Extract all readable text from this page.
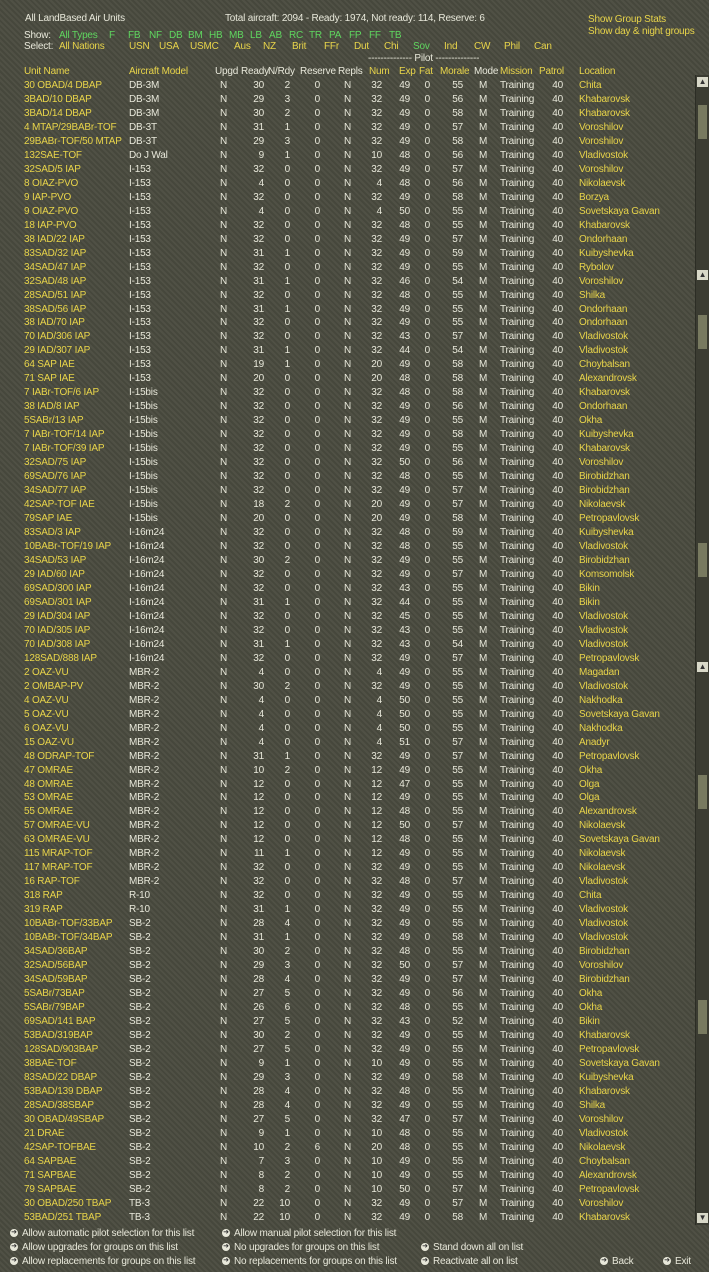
All LandBased Air Units	Total aircraft: 2094 - Ready: 1974, Not ready: 114, Reserve: 6	Show Group Stats
Show day & night groups
Show: All Types F FB NF DB BM HB MB LB AB RC TR PA FP FF TB
Select: All Nations USN USA USMC Aus NZ Brit FFr Dut Chi Sov Ind CW Phil Can
-------------- Pilot --------------
Unit Name	Aircraft Model	Upgd Ready N/Rdy Reserve Repls Num Exp Fat Morale Mode Mission Patrol Location
30 OBAD/4 DBAP	DB-3M	N	30	2	0 N	32	49	0	55 M Training	40 Chita
3BAD/10 DBAP	DB-3M	N	29	3	0 N	32	49	0	56 M Training	40 Khabarovsk
3BAD/14 DBAP	DB-3M	N	30	2	0 N	32	49	0	58 M Training	40 Khabarovsk
4 MTAP/29BABr-TOF DB-3T	N	31	1	0 N	32	49	0	57 M Training	40 Voroshilov
29BABr-TOF/50 MTAP DB-3T	N	29	3	0 N	32	49	0	58 M Training	40 Voroshilov
132SAE-TOF	Do J Wal	N	9	1	0 N	10	48	0	56 M Training	40 Vladivostok
32SAD/5 IAP	I-153	N	32	0	0 N	32	49	0	57 M Training	40 Voroshilov
8 OIAZ-PVO	I-153	N	4	0	0 N	4	48	0	56 M Training	40 Nikolaevsk
9 IAP-PVO	I-153	N	32	0	0 N	32	49	0	58 M Training	40 Borzya
9 OIAZ-PVO	I-153	N	4	0	0 N	4	50	0	55 M Training	40 Sovetskaya Gavan
18 IAP-PVO	I-153	N	32	0	0 N	32	48	0	55 M Training	40 Khabarovsk
38 IAD/22 IAP	I-153	N	32	0	0 N	32	49	0	57 M Training	40 Ondorhaan
83SAD/32 IAP	I-153	N	31	1	0 N	32	49	0	59 M Training	40 Kuibyshevka
34SAD/47 IAP	I-153	N	32	0	0 N	32	49	0	55 M Training	40 Rybolov
32SAD/48 IAP	I-153	N	31	1	0 N	32	46	0	54 M Training	40 Voroshilov
28SAD/51 IAP	I-153	N	32	0	0 N	32	48	0	55 M Training	40 Shilka
38SAD/56 IAP	I-153	N	31	1	0 N	32	49	0	55 M Training	40 Ondorhaan
38 IAD/70 IAP	I-153	N	32	0	0 N	32	49	0	55 M Training	40 Ondorhaan
70 IAD/306 IAP	I-153	N	32	0	0 N	32	43	0	57 M Training	40 Vladivostok
29 IAD/307 IAP	I-153	N	31	1	0 N	32	44	0	54 M Training	40 Vladivostok
64 SAP IAE	I-153	N	19	1	0 N	20	49	0	58 M Training	40 Choybalsan
71 SAP IAE	I-153	N	20	0	0 N	20	48	0	58 M Training	40 Alexandrovsk
7 IABr-TOF/6 IAP	I-15bis	N	32	0	0 N	32	48	0	58 M Training	40 Khabarovsk
38 IAD/8 IAP	I-15bis	N	32	0	0 N	32	49	0	56 M Training	40 Ondorhaan
5SABr/13 IAP	I-15bis	N	32	0	0 N	32	49	0	55 M Training	40 Okha
7 IABr-TOF/14 IAP I-15bis	N	32	0	0 N	32	49	0	58 M Training	40 Kuibyshevka
7 IABr-TOF/39 IAP I-15bis	N	32	0	0 N	32	49	0	55 M Training	40 Khabarovsk
32SAD/75 IAP	I-15bis	N	32	0	0 N	32	50	0	56 M Training	40 Voroshilov
69SAD/76 IAP	I-15bis	N	32	0	0 N	32	48	0	55 M Training	40 Birobidzhan
34SAD/77 IAP	I-15bis	N	32	0	0 N	32	49	0	57 M Training	40 Birobidzhan
42SAP-TOF IAE	I-15bis	N	18	2	0 N	20	49	0	57 M Training	40 Nikolaevsk
79SAP IAE	I-15bis	N	20	0	0 N	20	49	0	58 M Training	40 Petropavlovsk
83SAD/3 IAP	I-16m24	N	32	0	0 N	32	48	0	59 M Training	40 Kuibyshevka
10BABr-TOF/19 IAP I-16m24	N	32	0	0 N	32	48	0	55 M Training	40 Vladivostok
34SAD/53 IAP	I-16m24	N	30	2	0 N	32	49	0	55 M Training	40 Birobidzhan
29 IAD/60 IAP	I-16m24	N	32	0	0 N	32	49	0	57 M Training	40 Komsomolsk
69SAD/300 IAP	I-16m24	N	32	0	0 N	32	43	0	55 M Training	40 Bikin
69SAD/301 IAP	I-16m24	N	31	1	0 N	32	44	0	55 M Training	40 Bikin
29 IAD/304 IAP	I-16m24	N	32	0	0 N	32	45	0	55 M Training	40 Vladivostok
70 IAD/305 IAP	I-16m24	N	32	0	0 N	32	43	0	55 M Training	40 Vladivostok
70 IAD/308 IAP	I-16m24	N	31	1	0 N	32	43	0	54 M Training	40 Vladivostok
128SAD/888 IAP	I-16m24	N	32	0	0 N	32	49	0	57 M Training	40 Petropavlovsk
2 OAZ-VU	MBR-2	N	4	0	0 N	4	49	0	55 M Training	40 Magadan
2 OMBAP-PV	MBR-2	N	30	2	0 N	32	49	0	55 M Training	40 Vladivostok
4 OAZ-VU	MBR-2	N	4	0	0 N	4	50	0	55 M Training	40 Nakhodka
5 OAZ-VU	MBR-2	N	4	0	0 N	4	50	0	55 M Training	40 Sovetskaya Gavan
6 OAZ-VU	MBR-2	N	4	0	0 N	4	50	0	55 M Training	40 Nakhodka
15 OAZ-VU	MBR-2	N	4	0	0 N	4	51	0	57 M Training	40 Anadyr
48 ODRAP-TOF	MBR-2	N	31	1	0 N	32	49	0	57 M Training	40 Petropavlovsk
47 OMRAE	MBR-2	N	10	2	0 N	12	49	0	55 M Training	40 Okha
48 OMRAE	MBR-2	N	12	0	0 N	12	47	0	55 M Training	40 Olga
53 OMRAE	MBR-2	N	12	0	0 N	12	49	0	55 M Training	40 Olga
55 OMRAE	MBR-2	N	12	0	0 N	12	48	0	55 M Training	40 Alexandrovsk
57 OMRAE-VU	MBR-2	N	12	0	0 N	12	50	0	57 M Training	40 Nikolaevsk
63 OMRAE-VU	MBR-2	N	12	0	0 N	12	48	0	55 M Training	40 Sovetskaya Gavan
115 MRAP-TOF	MBR-2	N	11	1	0 N	12	49	0	55 M Training	40 Nikolaevsk
117 MRAP-TOF	MBR-2	N	32	0	0 N	32	49	0	55 M Training	40 Nikolaevsk
16 RAP-TOF	MBR-2	N	32	0	0 N	32	48	0	57 M Training	40 Vladivostok
318 RAP	R-10	N	32	0	0 N	32	49	0	55 M Training	40 Chita
319 RAP	R-10	N	31	1	0 N	32	49	0	55 M Training	40 Vladivostok
10BABr-TOF/33BAP SB-2	N	28	4	0 N	32	49	0	55 M Training	40 Vladivostok
10BABr-TOF/34BAP SB-2	N	31	1	0 N	32	49	0	58 M Training	40 Vladivostok
34SAD/36BAP	SB-2	N	30	2	0 N	32	48	0	55 M Training	40 Birobidzhan
32SAD/56BAP	SB-2	N	29	3	0 N	32	50	0	57 M Training	40 Voroshilov
34SAD/59BAP	SB-2	N	28	4	0 N	32	49	0	57 M Training	40 Birobidzhan
5SABr/73BAP	SB-2	N	27	5	0 N	32	49	0	56 M Training	40 Okha
5SABr/79BAP	SB-2	N	26	6	0 N	32	48	0	55 M Training	40 Okha
69SAD/141 BAP	SB-2	N	27	5	0 N	32	43	0	52 M Training	40 Bikin
53BAD/319BAP	SB-2	N	30	2	0 N	32	49	0	55 M Training	40 Khabarovsk
128SAD/903BAP	SB-2	N	27	5	0 N	32	49	0	55 M Training	40 Petropavlovsk
38BAE-TOF	SB-2	N	9	1	0 N	10	49	0	55 M Training	40 Sovetskaya Gavan
83SAD/22 DBAP	SB-2	N	29	3	0 N	32	49	0	58 M Training	40 Kuibyshevka
53BAD/139 DBAP	SB-2	N	28	4	0 N	32	48	0	55 M Training	40 Khabarovsk
28SAD/38SBAP	SB-2	N	28	4	0 N	32	49	0	55 M Training	40 Shilka
30 OBAD/49SBAP SB-2	N	27	5	0 N	32	47	0	57 M Training	40 Voroshilov
21 DRAE	SB-2	N	9	1	0 N	10	48	0	55 M Training	40 Vladivostok
42SAP-TOFBAE	SB-2	N	10	2	6 N	20	48	0	55 M Training	40 Nikolaevsk
64 SAPBAE	SB-2	N	7	3	0 N	10	49	0	55 M Training	40 Choybalsan
71 SAPBAE	SB-2	N	8	2	0 N	10	49	0	55 M Training	40 Alexandrovsk
79 SAPBAE	SB-2	N	8	2	0 N	10	50	0	57 M Training	40 Petropavlovsk
30 OBAD/250 TBAP TB-3	N	22	10	0 N	32	49	0	57 M Training	40 Voroshilov
53BAD/251 TBAP	TB-3	N	22	10	0 N	32	49	0	58 M Training	40 Khabarovsk
▲
▲
▲
▼
➜ Allow automatic pilot selection for this list	➜ Allow manual pilot selection for this list
➜ Allow upgrades for groups on this list	➜ No upgrades for groups on this list	➜ Stand down all on list
➜ Allow replacements for groups on this list	➜ No replacements for groups on this list	➜ Reactivate all on list	➜ Back	➜ Exit
